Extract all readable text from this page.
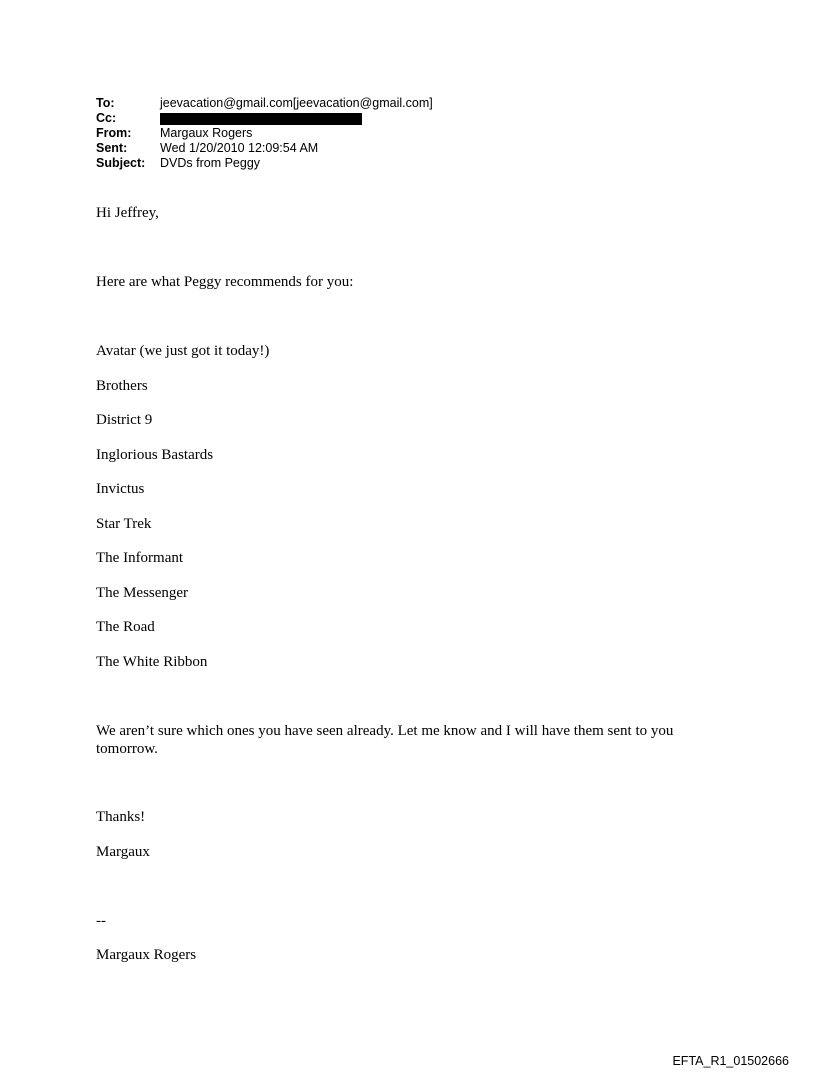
To:	jeevacation@gmail.com[jeevacation@gmail.com]
Cc:
From:	Margaux Rogers
Sent:	Wed 1/20/2010 12:09:54 AM
Subject:	DVDs from Peggy
Hi Jeffrey,
Here are what Peggy recommends for you:
Avatar (we just got it today!)
Brothers
District 9
Inglorious Bastards
Invictus
Star Trek
The Informant
The Messenger
The Road
The White Ribbon
We aren’t sure which ones you have seen already. Let me know and I will have them sent to you tomorrow.
Thanks!
Margaux
--
Margaux Rogers
EFTA_R1_01502666
